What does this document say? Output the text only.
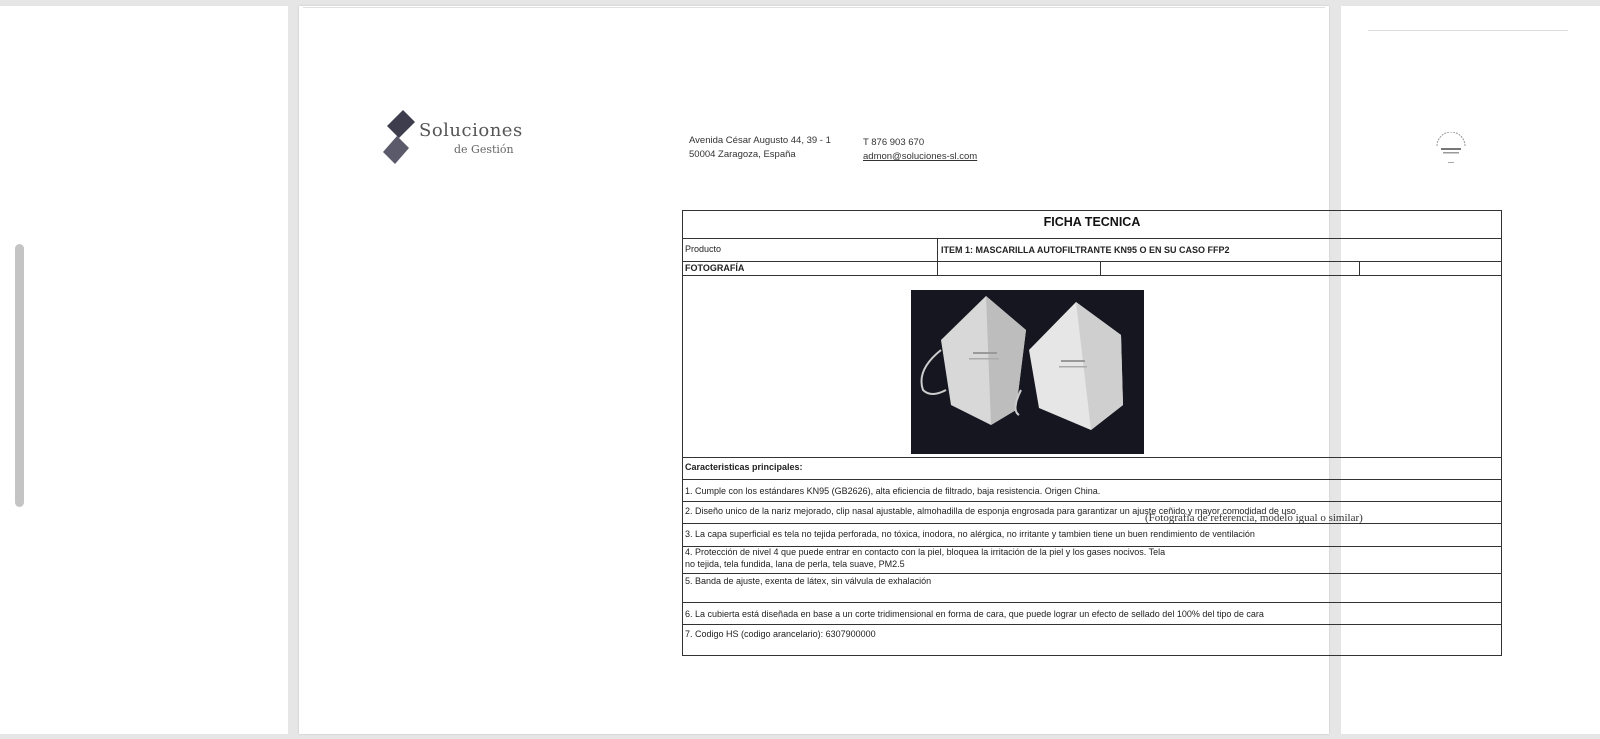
Soluciones
de Gestión
Avenida César Augusto 44, 39 - 1
50004 Zaragoza, España
T 876 903 670
admon@soluciones-sl.com
FICHA TECNICA
Producto	ITEM 1: MASCARILLA AUTOFILTRANTE KN95 O EN SU CASO FFP2
FOTOGRAFÍA
(Fotografía de referencia, modelo igual o similar)
Caracteristicas principales:
1. Cumple con los estándares KN95 (GB2626), alta eficiencia de filtrado, baja resistencia. Origen China.
2. Diseño unico de la nariz mejorado, clip nasal ajustable, almohadilla de esponja engrosada para garantizar un ajuste ceñido y mayor comodidad de uso
3. La capa superficial es tela no tejida perforada, no tóxica, inodora, no alérgica, no irritante y tambien tiene un buen rendimiento de ventilación
4. Protección de nivel 4 que puede entrar en contacto con la piel, bloquea la irritación de la piel y los gases nocivos. Tela
no tejida, tela fundida, lana de perla, tela suave, PM2.5
5. Banda de ajuste, exenta de látex, sin válvula de exhalación
6. La cubierta está diseñada en base a un corte tridimensional en forma de cara, que puede lograr un efecto de sellado del 100% del tipo de cara
7. Codigo HS (codigo arancelario): 6307900000
